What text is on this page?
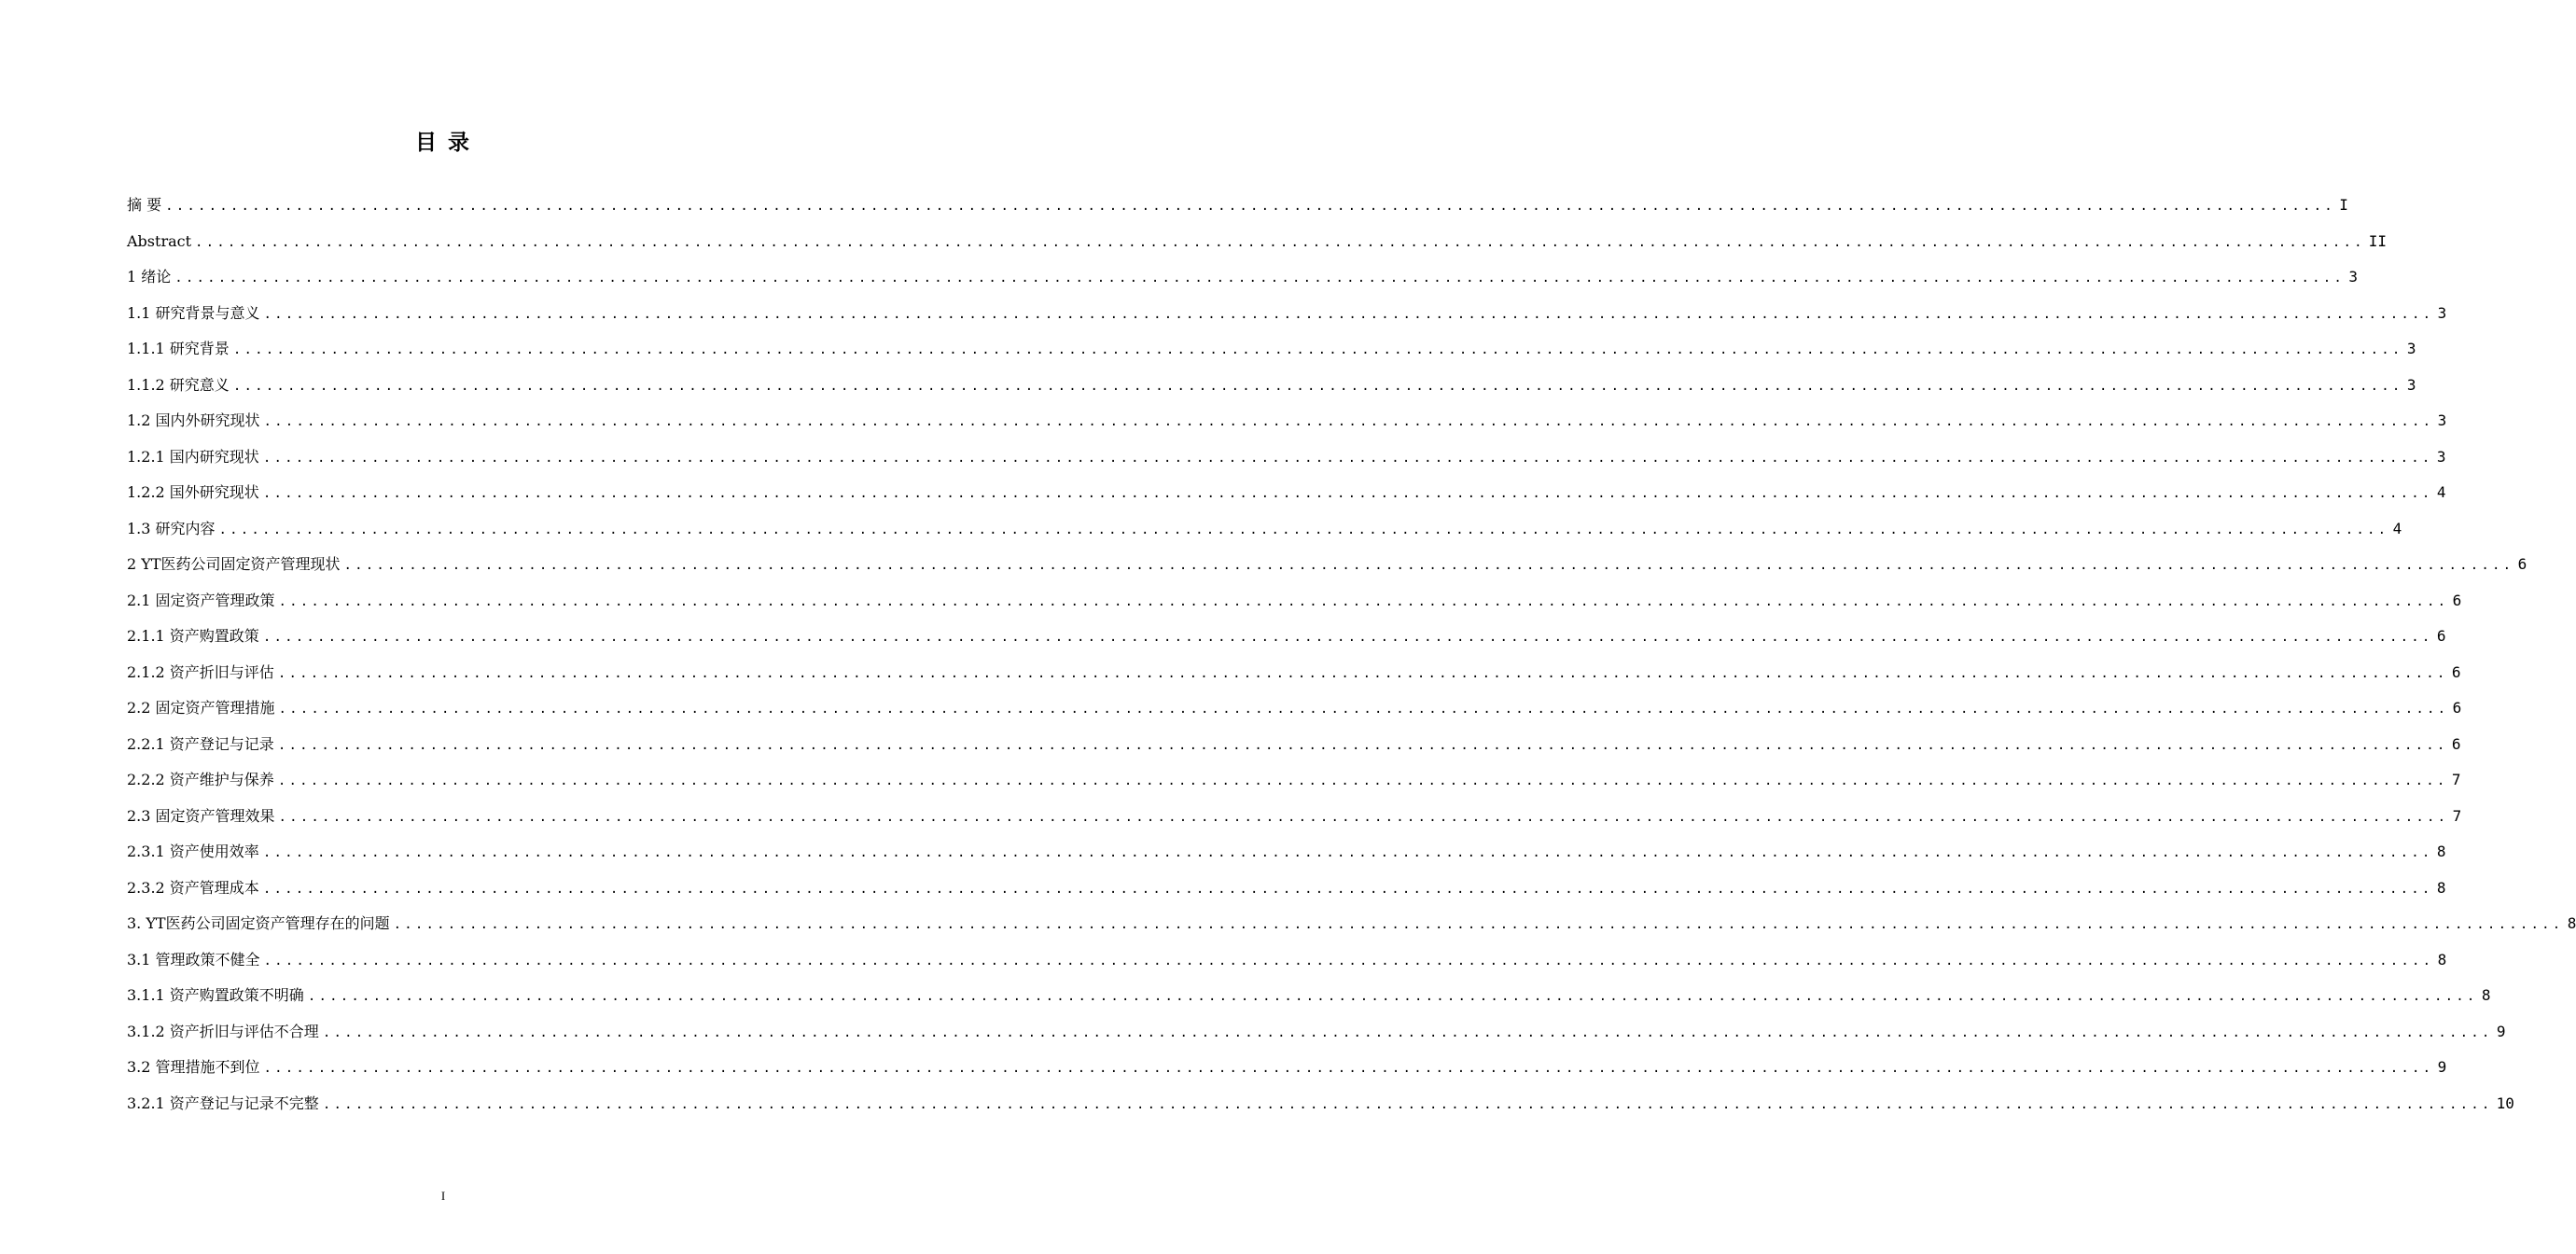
目 录
摘 要 ........................................................................................................................................................................................................ I
Abstract ........................................................................................................................................................................................................ II
1 绪论 ........................................................................................................................................................................................................ 3
1.1 研究背景与意义 ........................................................................................................................................................................................................ 3
1.1.1 研究背景 ........................................................................................................................................................................................................ 3
1.1.2 研究意义 ........................................................................................................................................................................................................ 3
1.2 国内外研究现状 ........................................................................................................................................................................................................ 3
1.2.1 国内研究现状 ........................................................................................................................................................................................................ 3
1.2.2 国外研究现状 ........................................................................................................................................................................................................ 4
1.3 研究内容 ........................................................................................................................................................................................................ 4
2 YT医药公司固定资产管理现状 ........................................................................................................................................................................................................ 6
2.1 固定资产管理政策 ........................................................................................................................................................................................................ 6
2.1.1 资产购置政策 ........................................................................................................................................................................................................ 6
2.1.2 资产折旧与评估 ........................................................................................................................................................................................................ 6
2.2 固定资产管理措施 ........................................................................................................................................................................................................ 6
2.2.1 资产登记与记录 ........................................................................................................................................................................................................ 6
2.2.2 资产维护与保养 ........................................................................................................................................................................................................ 7
2.3 固定资产管理效果 ........................................................................................................................................................................................................ 7
2.3.1 资产使用效率 ........................................................................................................................................................................................................ 8
2.3.2 资产管理成本 ........................................................................................................................................................................................................ 8
3. YT医药公司固定资产管理存在的问题 ........................................................................................................................................................................................................ 8
3.1 管理政策不健全 ........................................................................................................................................................................................................ 8
3.1.1 资产购置政策不明确 ........................................................................................................................................................................................................ 8
3.1.2 资产折旧与评估不合理 ........................................................................................................................................................................................................ 9
3.2 管理措施不到位 ........................................................................................................................................................................................................ 9
3.2.1 资产登记与记录不完整 ........................................................................................................................................................................................................ 10
I
